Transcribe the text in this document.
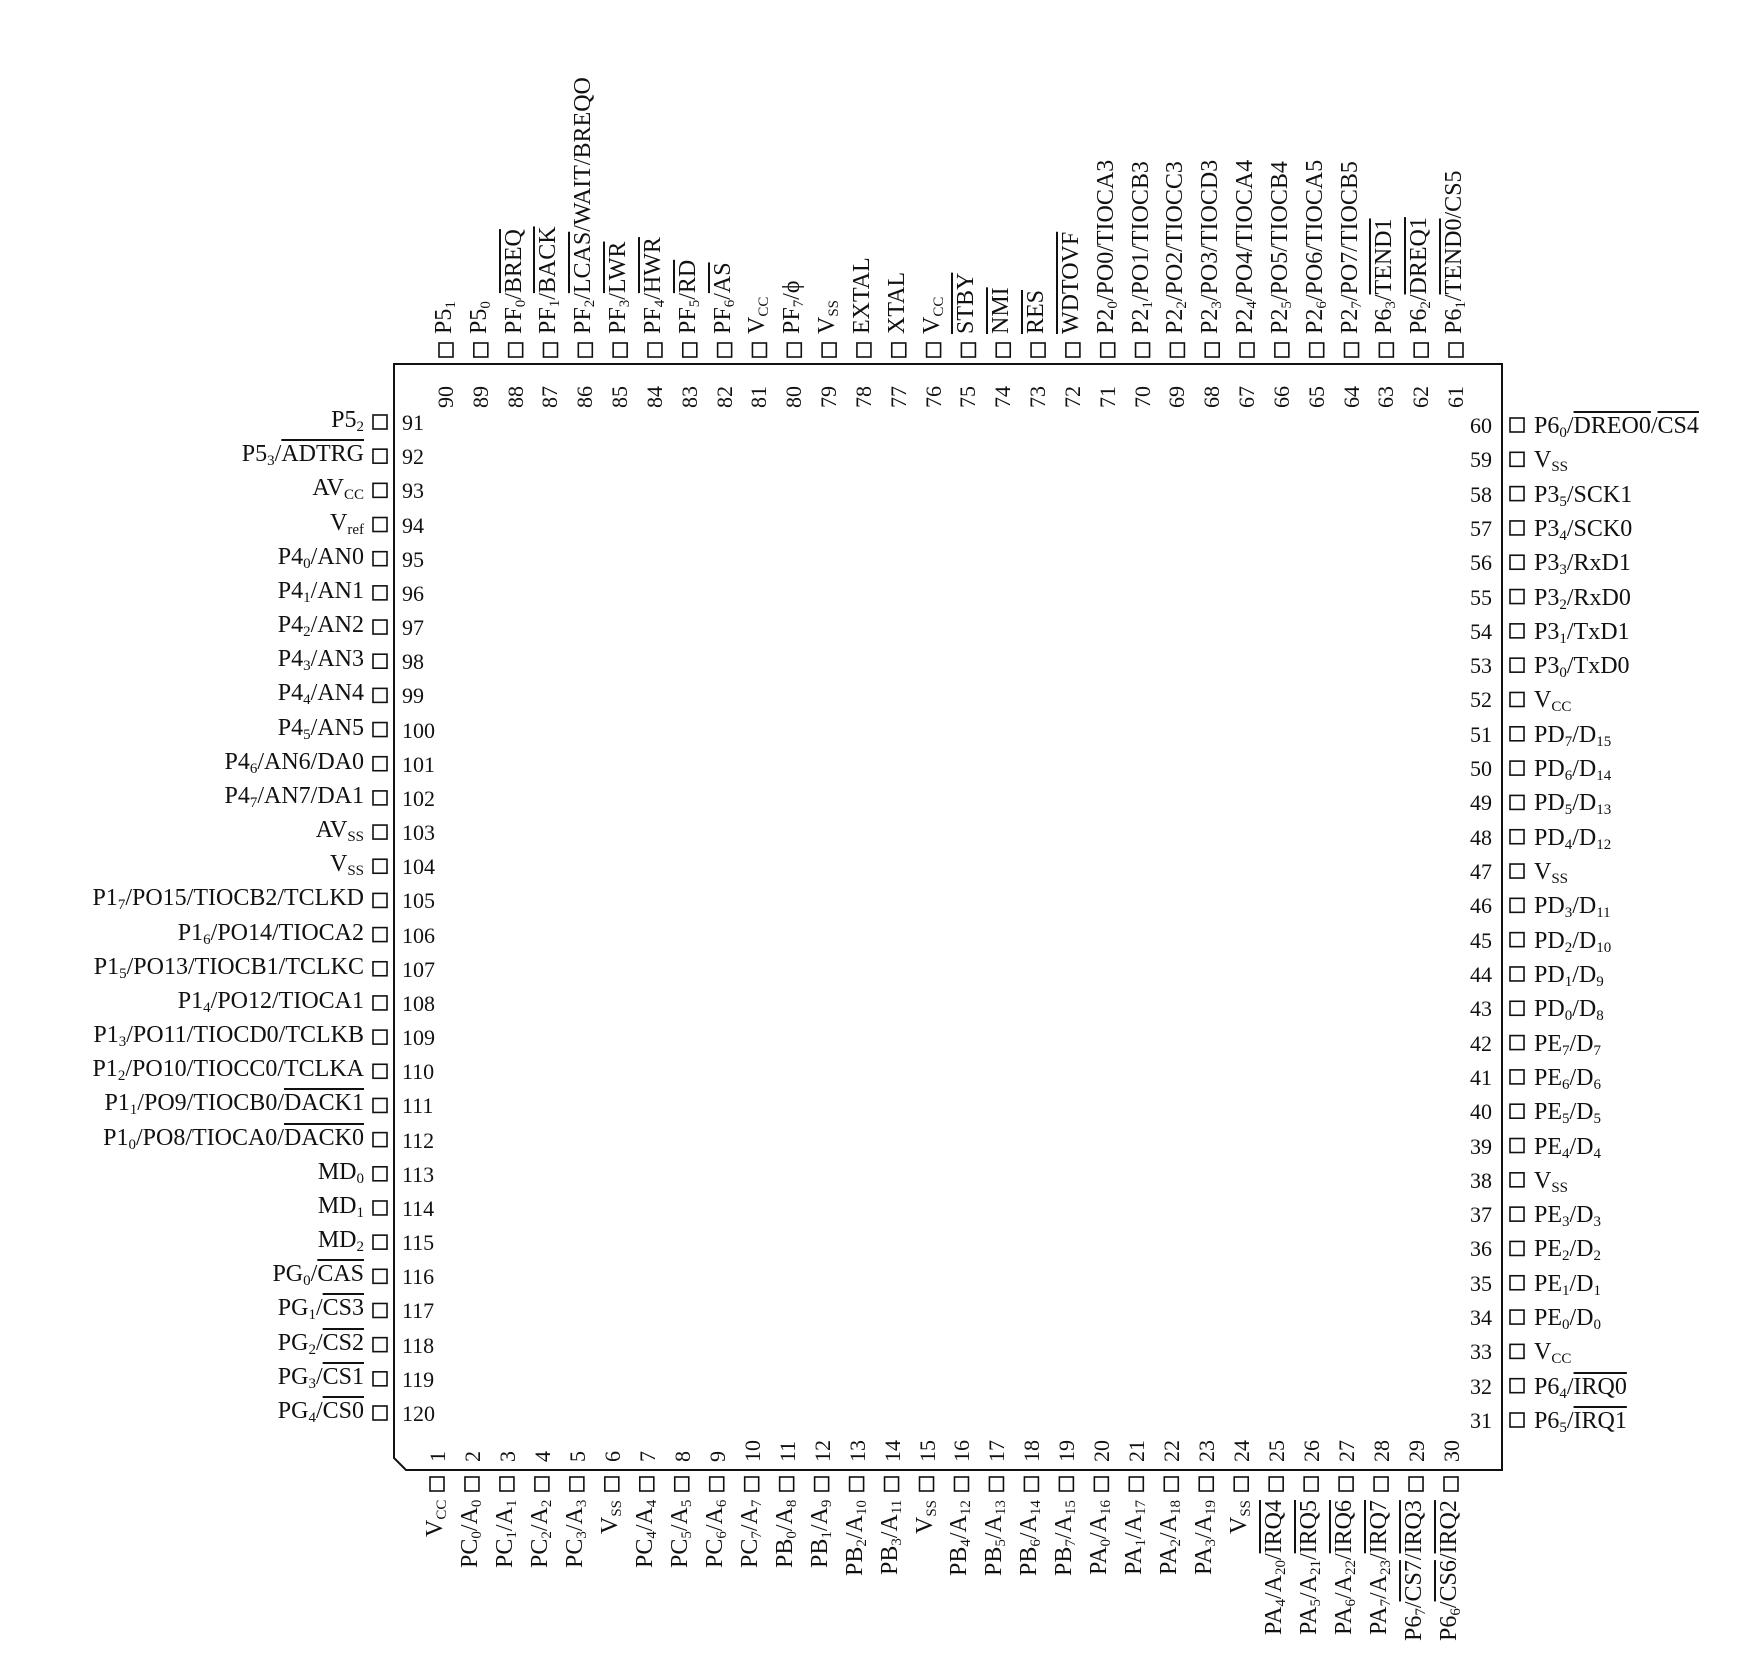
91
$P5_2$
92
$P5_3$/ADTRG
93
$AV_{CC}$
94
$V_{ref}$
95
$P4_0/AN0$
96
$P4_1/AN1$
97
$P4_2/AN2$
98
$P4_3/AN3$
99
$P4_4/AN4$
100
$P4_5/AN5$
101
$P4_6/AN6/DA0$
102
$P4_7/AN7/DA1$
103
$AV_{SS}$
104
$V_{SS}$
105
$P1_7/PO15/TIOCB2$/TCLKD
106
$P1_6/PO14/TIOCA2$
107
$P1_5/PO13/TIOCB1$/TCLKC
108
$P1_4/PO12/TIOCA1$
109
$P1_3/PO11/TIOCD0$/TCLKB
110
$P1_2/PO10/TIOCC0$/TCLKA
111
$P1_1/PO9/TIOCB0/DACK1$
112
$P1_0/PO8/TIOCA0/DACK0$
113
$MD_0$
114
$MD_1$
115
$MD_2$
116
$PG_0/\overline{CAS}$
117
$PG_1/CS3$
118
$PG_2/CS2$
119
$PG_3/CS1$
120
$PG_4/CS0$	31 $P6_5/IRQ1$
32 $P6_4/IRQ0$
33 $V_{CC}$
34 $PE_0/D_0$
35 $PE_1/D_1$
36 $PE_2/D_2$
37 $PE_3/D_3$
38 $V_{SS}$
39 $PE_4/D_4$
40 $PE_5/D_5$
41 $PE_6/D_6$
42 $PE_7/D_7$
43 $PD_0/D_8$
44 $PD_1/D_9$
45 $PD_2/D_{10}$
46 $PD_3/D_{11}$
47 $V_{SS}$
48 $PD_4/D_{12}$
49 $PD_5/D_{13}$
50 $PD_6/D_{14}$
51 $PD_7/D_{15}$
52 $V_{CC}$
53 $P3_0/TxD0$
54 $P3_1/TxD1$
55 $P3_2/RxD0$
56 $P3_3/RxD1$
57 $P3_4/SCK0$
58 $P3_5/SCK1$
59 $V_{SS}$
60 $P6_0/DREO0/CS4$
61
$P6_1/TEND0/CS5$
62
$P6_2/DREQ1$
63
$P6_3/TEND1$
64
$P2_7/PO7/TIOCB5$
65
$P2_6/PO6/TIOCA5$
66
$P2_5/PO5/TIOCB4$
67
$P2_4/PO4/TIOCA4$
68
$P2_3/PO3/TIOCD3$
69
$P2_2/PO2/TIOCC3$
70
$P2_1/PO1/TIOCB3$
71
$P2_0/PO0/TIOCA3$
72
WDTOVF
73
$\overline{RES}$
74
$\overline{NMI}$
75
STBY
76
$V_{CC}$
77
XTAL
78
EXTAL
79
$V_{SS}$
80
$PF_7/\phi$
81
$V_{CC}$
82
$PF_6/\overline{AS}$
83
$PF_5/\overline{RD}$
84
$PF_4/\overline{HWR}$
85
$PF_3/\overline{LWR}$
86
$PF_2/LCAS/WAIT$/BREQO
87
$PF_1$/BACK
88
$PF_0$/BREQ
89
$P5_0$
90
$P5_1$
1
$V_{CC}$
2
$PC_0/A_0$
3
$PC_1/A_1$
4
$PC_2/A_2$
5
$PC_3/A_3$
6
$V_{SS}$
7
$PC_4/A_4$
8
$PC_5/A_5$
9
$PC_6/A_6$
10
$PC_7/A_7$
11
$PB_0/A_8$
12
$PB_1/A_9$
13
$PB_2/A_{10}$
14
$PB_3/A_{11}$
15
$V_{SS}$
16
$PB_4/A_{12}$
17
$PB_5/A_{13}$
18
$PB_6/A_{14}$
19
$PB_7/A_{15}$
20
$PA_0/A_{16}$
21
$PA_1/A_{17}$
22
$PA_2/A_{18}$
23
$PA_3/A_{19}$
24
$V_{SS}$
25
$PA_4/A_{20}/IRQ4$
26
$PA_5/A_{21}/IRQ5$
27
$PA_6/A_{22}/IRQ6$
28
$PA_7/A_{23}/IRQ7$
29
$P6_7/CS7/IRQ3$
30
$P6_6/CS6/IRQ2$
